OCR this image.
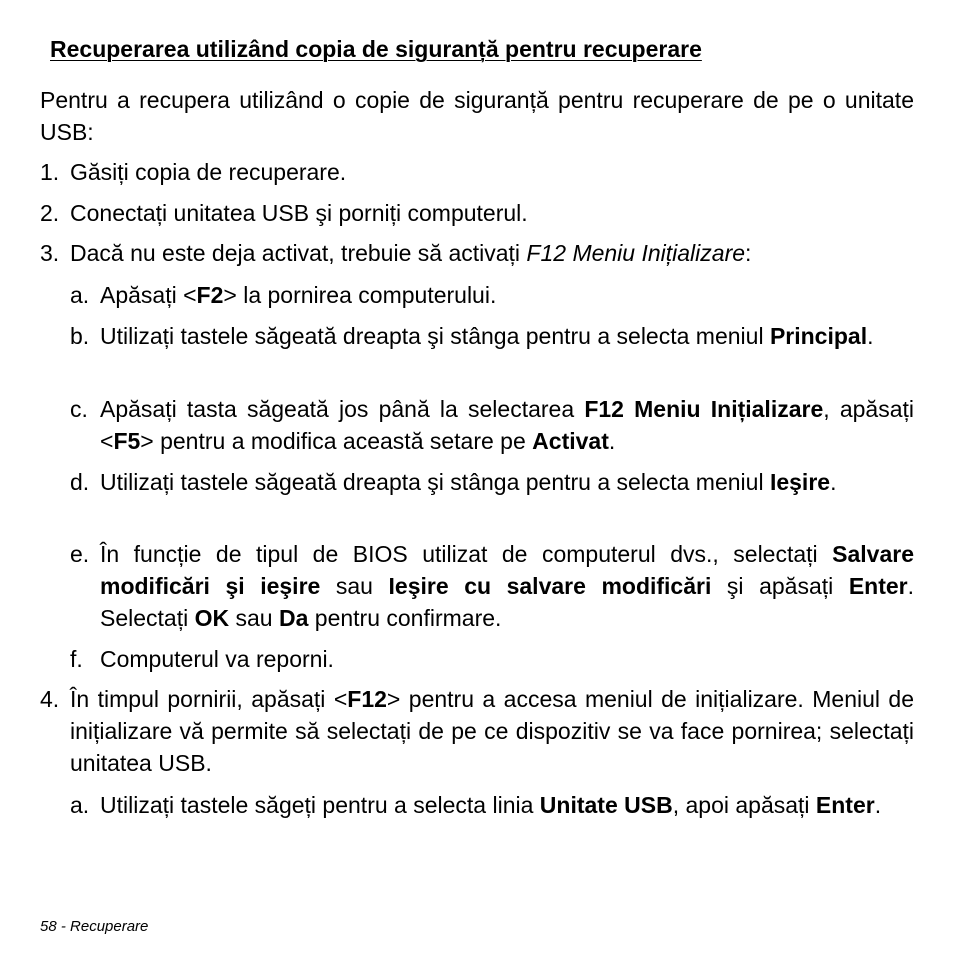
Recuperarea utilizând copia de siguranță pentru recuperare

Pentru a recupera utilizând o copie de siguranță pentru recuperare de pe o unitate USB:

1. Găsiți copia de recuperare.

2. Conectați unitatea USB şi porniți computerul.

3. Dacă nu este deja activat, trebuie să activați F12 Meniu Inițializare:

a. Apăsați <F2> la pornirea computerului.

b. Utilizați tastele săgeată dreapta şi stânga pentru a selecta meniul Principal.

c. Apăsați tasta săgeată jos până la selectarea F12 Meniu Inițializare, apăsați <F5> pentru a modifica această setare pe Activat.

d. Utilizați tastele săgeată dreapta şi stânga pentru a selecta meniul Ieşire.

e. În funcție de tipul de BIOS utilizat de computerul dvs., selectați Salvare modificări şi ieşire sau Ieşire cu salvare modificări şi apăsați Enter. Selectați OK sau Da pentru confirmare.

f. Computerul va reporni.

4. În timpul pornirii, apăsați <F12> pentru a accesa meniul de inițializare. Meniul de inițializare vă permite să selectați de pe ce dispozitiv se va face pornirea; selectați unitatea USB.

a. Utilizați tastele săgeți pentru a selecta linia Unitate USB, apoi apăsați Enter.

58 - Recuperare
